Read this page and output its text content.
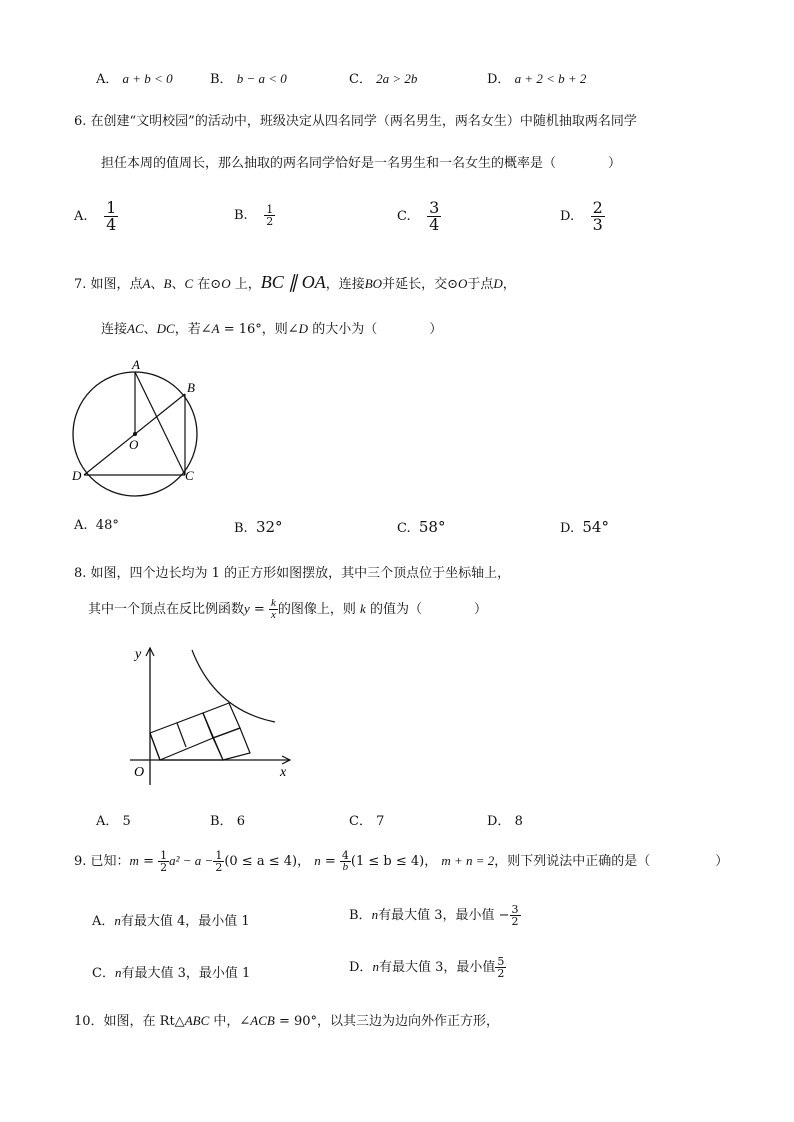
A． a + b < 0	B． b − a < 0	C． 2a > 2b	D． a + 2 < b + 2
6. 在创建“文明校园”的活动中，班级决定从四名同学（两名男生，两名女生）中随机抽取两名同学
担任本周的值周长，那么抽取的两名同学恰好是一名男生和一名女生的概率是（　　　　）
A. $\frac{1}{4}$	B. $\frac{1}{2}$	C. $\frac{3}{4}$	D. $\frac{2}{3}$
7. 如图，点A、B、C 在⊙O 上，BC ∥ OA，连接BO并延长，交⊙O于点D，
连接AC、DC，若∠A = 16°，则∠D 的大小为（　　　　）
A
B
C
D
O
A. 48°	B. 32°	C. 58°	D. 54°
8. 如图，四个边长均为 1 的正方形如图摆放，其中三个顶点位于坐标轴上，
其中一个顶点在反比例函数$y = \frac{k}{x}$ 的图像上，则 k 的值为（　　　　）
x
y
O
A． 5	B． 6	C． 7	D． 8
9. 已知：$m = \frac{1}{2} a^2 - a - \frac{1}{2} (0 \le a \le 4)$， $n = \frac{4}{b} (1 \le b \le 4)$， m + n = 2，则下列说法中正确的是（　　　　　）
A．n有最大值 4，最小值 1	B．n有最大值 3，最小值 − $\frac{3}{2}$
C．n有最大值 3，最小值 1	D．n有最大值 3，最小值 $\frac{5}{2}$
10．如图，在 Rt△ABC 中，∠ACB = 90°，以其三边为边向外作正方形，
